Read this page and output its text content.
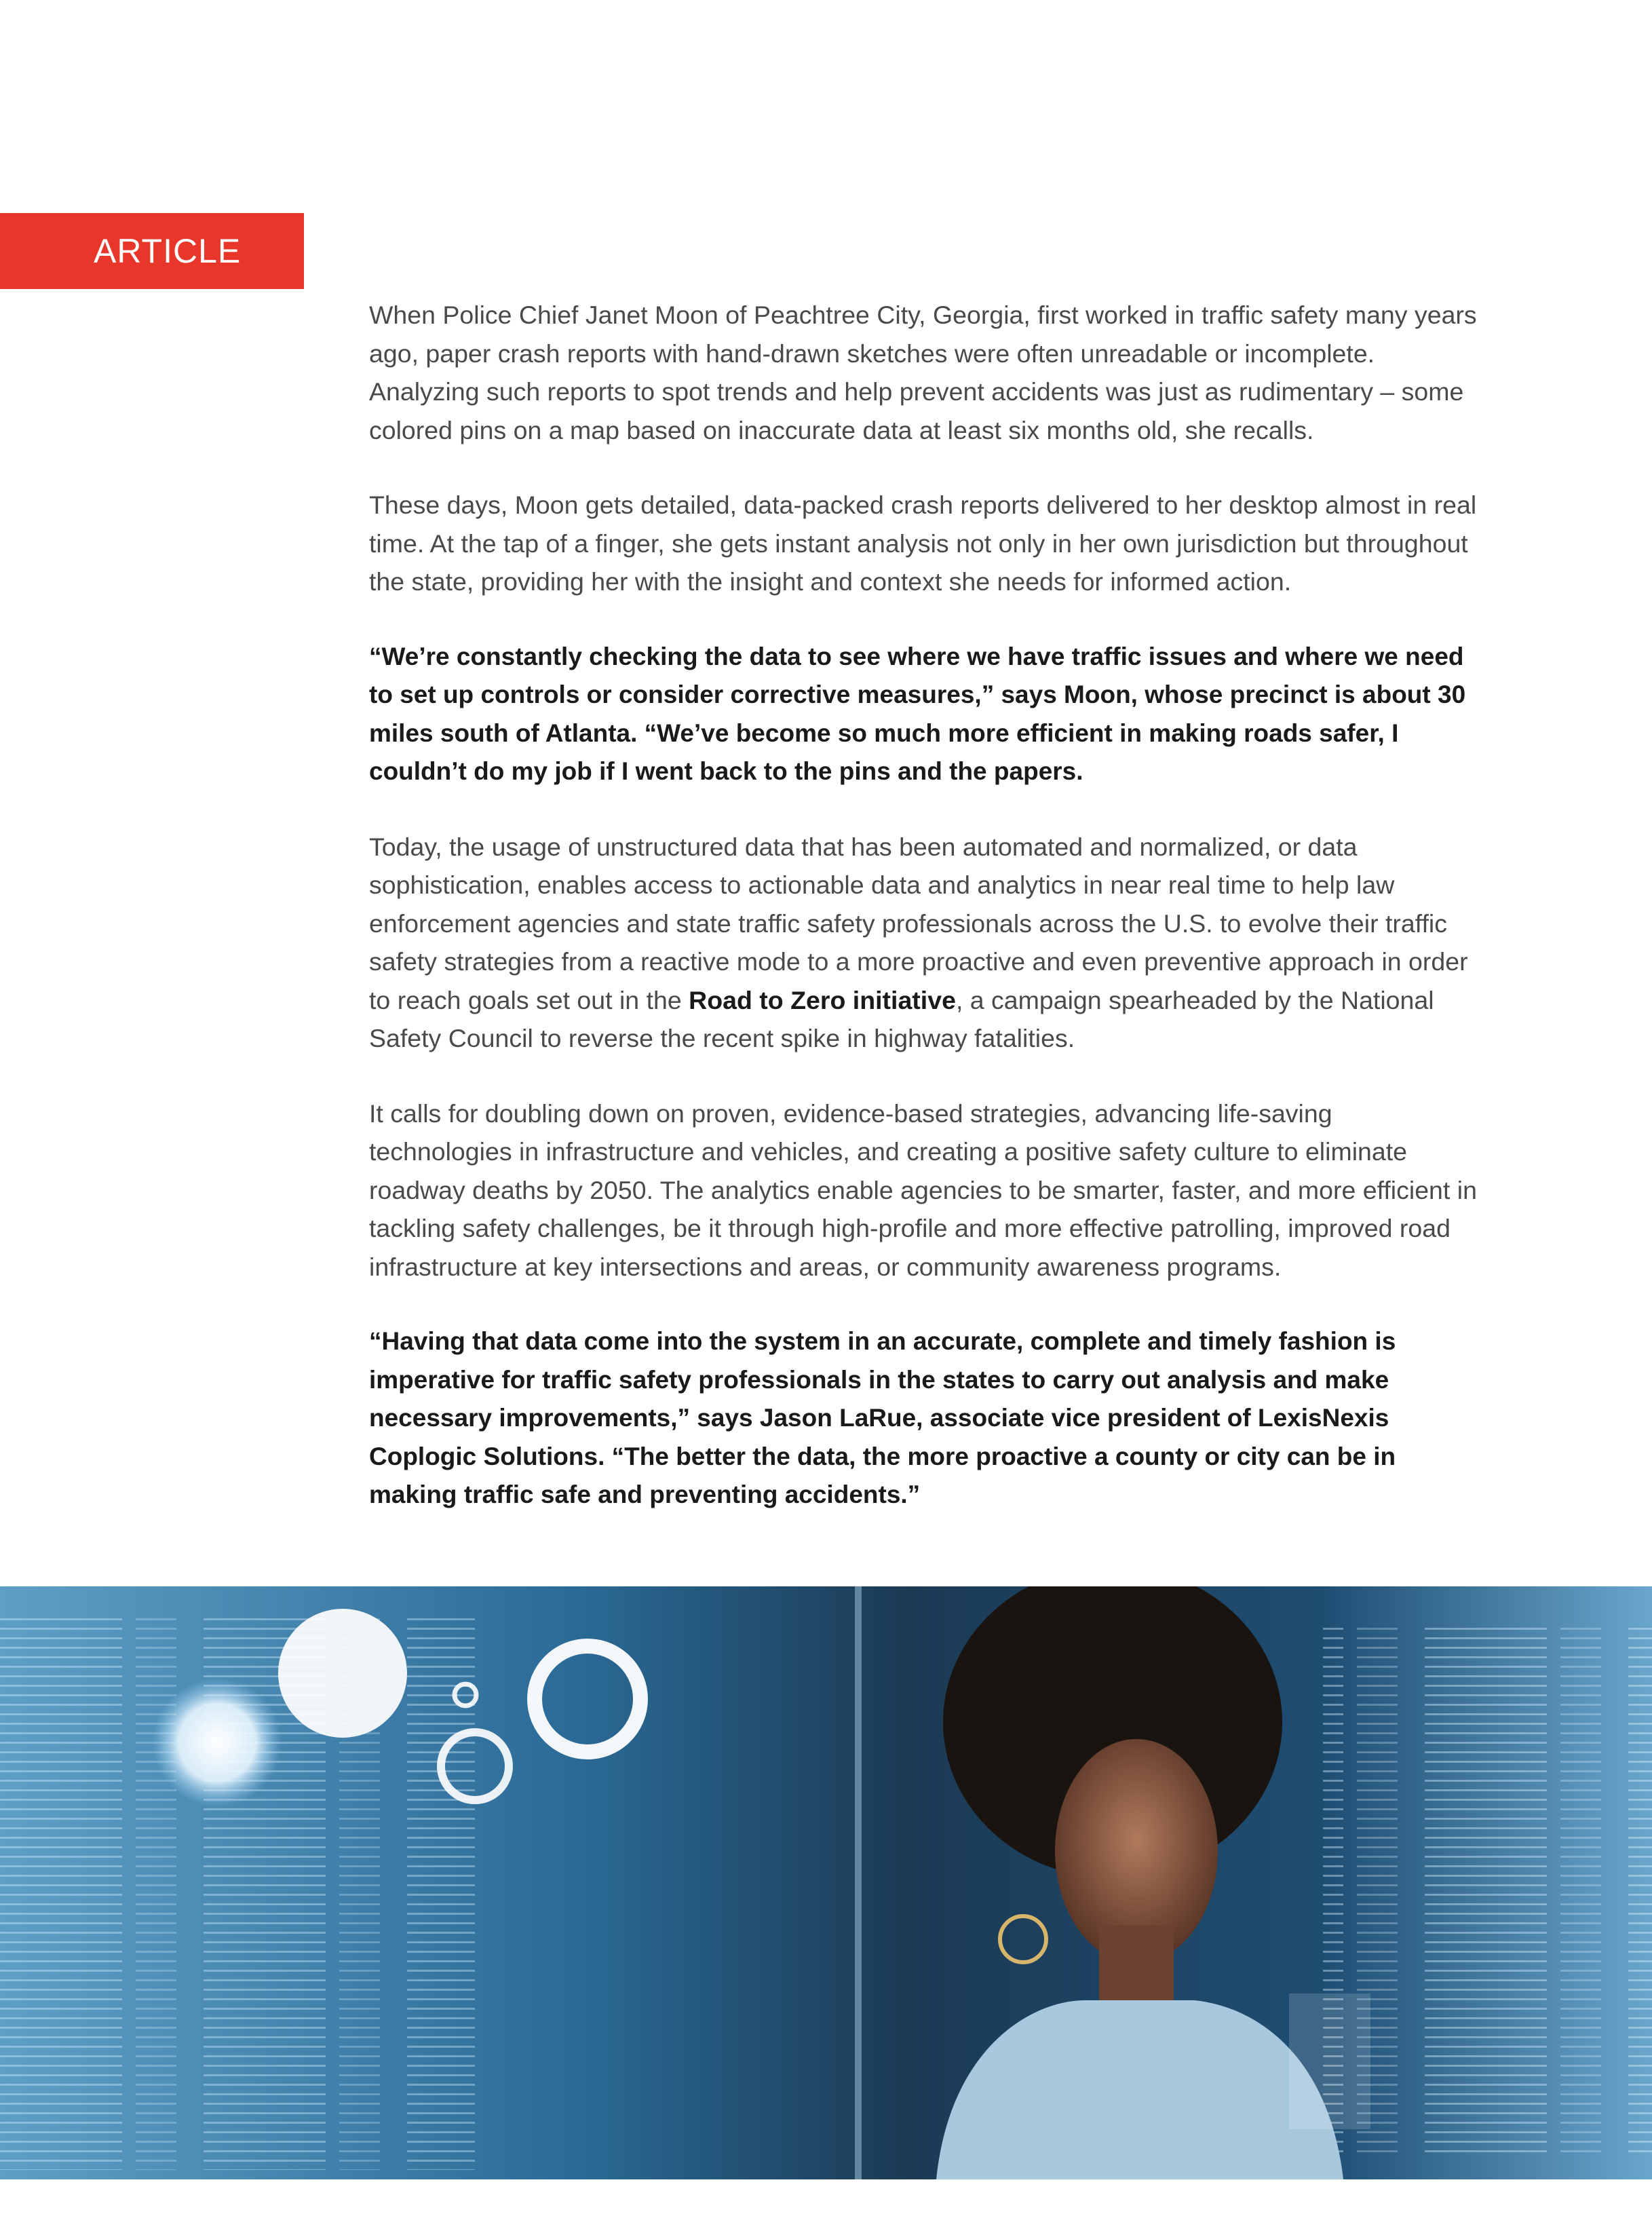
ARTICLE

When Police Chief Janet Moon of Peachtree City, Georgia, first worked in traffic safety many years ago, paper crash reports with hand-drawn sketches were often unreadable or incomplete. Analyzing such reports to spot trends and help prevent accidents was just as rudimentary – some colored pins on a map based on inaccurate data at least six months old, she recalls.

These days, Moon gets detailed, data-packed crash reports delivered to her desktop almost in real time. At the tap of a finger, she gets instant analysis not only in her own jurisdiction but throughout the state, providing her with the insight and context she needs for informed action.

“We’re constantly checking the data to see where we have traffic issues and where we need to set up controls or consider corrective measures,” says Moon, whose precinct is about 30 miles south of Atlanta. “We’ve become so much more efficient in making roads safer, I couldn’t do my job if I went back to the pins and the papers.

Today, the usage of unstructured data that has been automated and normalized, or data sophistication, enables access to actionable data and analytics in near real time to help law enforcement agencies and state traffic safety professionals across the U.S. to evolve their traffic safety strategies from a reactive mode to a more proactive and even preventive approach in order to reach goals set out in the Road to Zero initiative, a campaign spearheaded by the National Safety Council to reverse the recent spike in highway fatalities.

It calls for doubling down on proven, evidence-based strategies, advancing life-saving technologies in infrastructure and vehicles, and creating a positive safety culture to eliminate roadway deaths by 2050. The analytics enable agencies to be smarter, faster, and more efficient in tackling safety challenges, be it through high-profile and more effective patrolling, improved road infrastructure at key intersections and areas, or community awareness programs.

“Having that data come into the system in an accurate, complete and timely fashion is imperative for traffic safety professionals in the states to carry out analysis and make necessary improvements,” says Jason LaRue, associate vice president of LexisNexis Coplogic Solutions. “The better the data, the more proactive a county or city can be in making traffic safe and preventing accidents.”
